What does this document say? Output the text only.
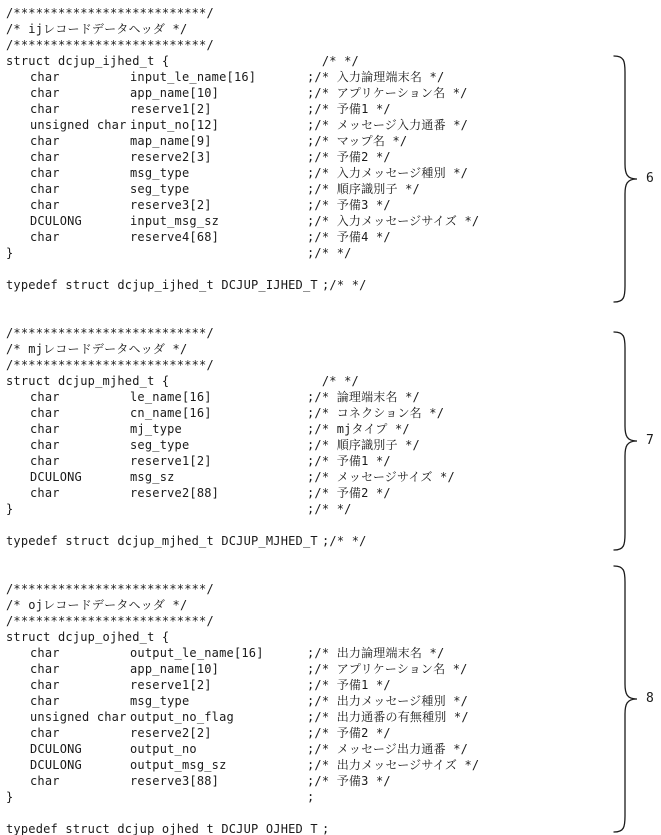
/**************************/
/* ijレコードデータヘッダ */
/**************************/
struct dcjup_ijhed_t {	/* */
char	input_le_name[16]	;/* 入力論理端末名 */
char	app_name[10]	;/* アプリケーション名 */
char	reserve1[2]	;/* 予備1 */
unsigned char input_no[12]	;/* メッセージ入力通番 */
char	map_name[9]	;/* マップ名 */
char	reserve2[3]	;/* 予備2 */
char	msg_type	;/* 入力メッセージ種別 */
char	seg_type	;/* 順序識別子 */
char	reserve3[2]	;/* 予備3 */
DCULONG	input_msg_sz	;/* 入力メッセージサイズ */
char	reserve4[68]	;/* 予備4 */
}	;/* */
typedef struct dcjup_ijhed_t DCJUP_IJHED_T ;/* */
/**************************/
/* mjレコードデータヘッダ */
/**************************/
struct dcjup_mjhed_t {	/* */
char	le_name[16]	;/* 論理端末名 */
char	cn_name[16]	;/* コネクション名 */
char	mj_type	;/* mjタイプ */
char	seg_type	;/* 順序識別子 */
char	reserve1[2]	;/* 予備1 */
DCULONG	msg_sz	;/* メッセージサイズ */
char	reserve2[88]	;/* 予備2 */
}	;/* */
typedef struct dcjup_mjhed_t DCJUP_MJHED_T ;/* */
/**************************/
/* ojレコードデータヘッダ */
/**************************/
struct dcjup_ojhed_t {
char	output_le_name[16]	;/* 出力論理端末名 */
char	app_name[10]	;/* アプリケーション名 */
char	reserve1[2]	;/* 予備1 */
char	msg_type	;/* 出力メッセージ種別 */
unsigned char output_no_flag	;/* 出力通番の有無種別 */
char	reserve2[2]	;/* 予備2 */
DCULONG	output_no	;/* メッセージ出力通番 */
DCULONG	output_msg_sz	;/* 出力メッセージサイズ */
char	reserve3[88]	;/* 予備3 */
}	;
typedef struct dcjup_ojhed_t DCJUP_OJHED_T ;
6
7
8
